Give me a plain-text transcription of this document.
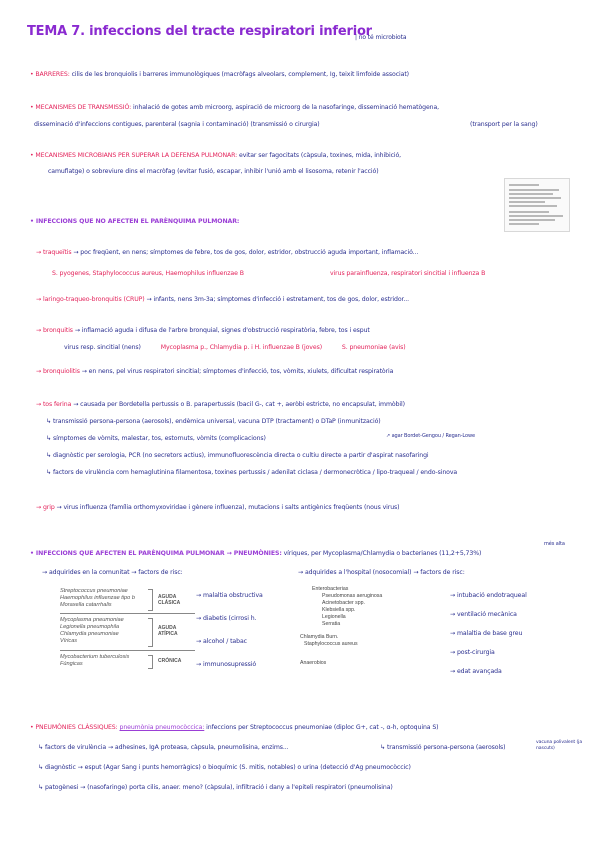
TEMA 7. infeccions del tracte respiratori inferior
| no té microbiota
• BARRERES: cilis de les bronquiolis i barreres immunològiques (macròfags alveolars, complement, Ig, teixit limfoide associat)
• MECANISMES DE TRANSMISSIÓ: inhalació de gotes amb microorg, aspiració de microorg de la nasofaringe, disseminació hematògena,
disseminació d'infeccions contigues, parenteral (sagnia i contaminació) (transmissió o cirurgia)	(transport per la sang)
• MECANISMES MICROBIANS PER SUPERAR LA DEFENSA PULMONAR: evitar ser fagocitats (càpsula, toxines, mida, inhibició,
camuflatge) o sobreviure dins el macròfag (evitar fusió, escapar, inhibir l'unió amb el lisosoma, retenir l'acció)
• INFECCIONS QUE NO AFECTEN EL PARÈNQUIMA PULMONAR:
→ traqueïtis → poc freqüent, en nens; símptomes de febre, tos de gos, dolor, estridor, obstrucció aguda important, inflamació...
S. pyogenes, Staphylococcus aureus, Haemophilus influenzae B	virus parainfluenza, respiratori sincitial i influenza B
→ laringo-traqueo-bronquitis (CRUP) → infants, nens 3m-3a; símptomes d'infecció i estretament, tos de gos, dolor, estridor...
→ bronquitis → inflamació aguda i difusa de l'arbre bronquial, signes d'obstrucció respiratòria, febre, tos i esput
virus resp. sincitial (nens)	Mycoplasma p., Chlamydia p. i H. influenzae B (joves)	S. pneumoniae (avis)
→ bronquiolitis → en nens, pel virus respiratori sincitial; símptomes d'infecció, tos, vòmits, xiulets, dificultat respiratòria
→ tos ferina → causada per Bordetella pertussis o B. parapertussis (bacil G-, cat +, aeròbi estricte, no encapsulat, immòbil)
↳ transmissió persona-persona (aerosols), endèmica universal, vacuna DTP (tractament) o DTaP (inmunització)
↳ símptomes de vòmits, malestar, tos, estornuts, vòmits (complicacions)	↗ agar Bordet-Gengou / Regan-Lowe
↳ diagnòstic per serologia, PCR (no secretors actius), immunofluorescència directa o cultiu directe a partir d'aspirat nasofaringi
↳ factors de virulència com hemaglutinina filamentosa, toxines pertussis / adenilat ciclasa / dermonecròtica / lipo-traqueal / endo-sinova
→ grip → virus influenza (família orthomyxoviridae i gènere influenza), mutacions i salts antigènics freqüents (nous virus)
• INFECCIONS QUE AFECTEN EL PARÈNQUIMA PULMONAR → PNEUMÒNIES: víriques, per Mycoplasma/Chlamydia o bacterianes (11,2+5,73%)
més alta
→ adquirides en la comunitat → factors de risc:
Streptococcus pneumoniae
Haemophilus influenzae tipo b
Moraxella catarrhalis
AGUDA CLÁSICA
Mycoplasma pneumoniae
Legionella pneumophila
Chlamydia pneumoniae
Víricas
AGUDA ATÍPICA
Mycobacterium tuberculosis
Fúngicas	CRÓNICA
→ malaltia obstructiva
→ diabetis (cirrosi h.
→ alcohol / tabac
→ immunosupressió
→ adquirides a l'hospital (nosocomial) → factors de risc:
Enterobacterias
Pseudomonas aeruginosa
Acinetobacter spp.
Klebsiella spp.
Legionella
Serratia
Chlamydia Burn.
Staphylococcus aureus
Anaerobios
→ intubació endotraqueal
→ ventilació mecànica
→ malaltia de base greu
→ post-cirurgia
→ edat avançada
• PNEUMÒNIES CLÀSSIQUES: pneumònia pneumocòccica: infeccions per Streptococcus pneumoniae (diploc G+, cat -, α-h, optoquina S)
↳ factors de virulència → adhesines, IgA proteasa, càpsula, pneumolisina, enzims...	↳ transmissió persona-persona (aerosols)
vacuna polivalent (ja nascuts)
↳ diagnòstic → esput (Agar Sang i punts hemorràgics) o bioquímic (S. mitis, notables) o urina (detecció d'Ag pneumocòccic)
↳ patogènesi → (nasofaringe) porta cilis, anaer. meno? (càpsula), infiltració i dany a l'epiteli respiratori (pneumolisina)
